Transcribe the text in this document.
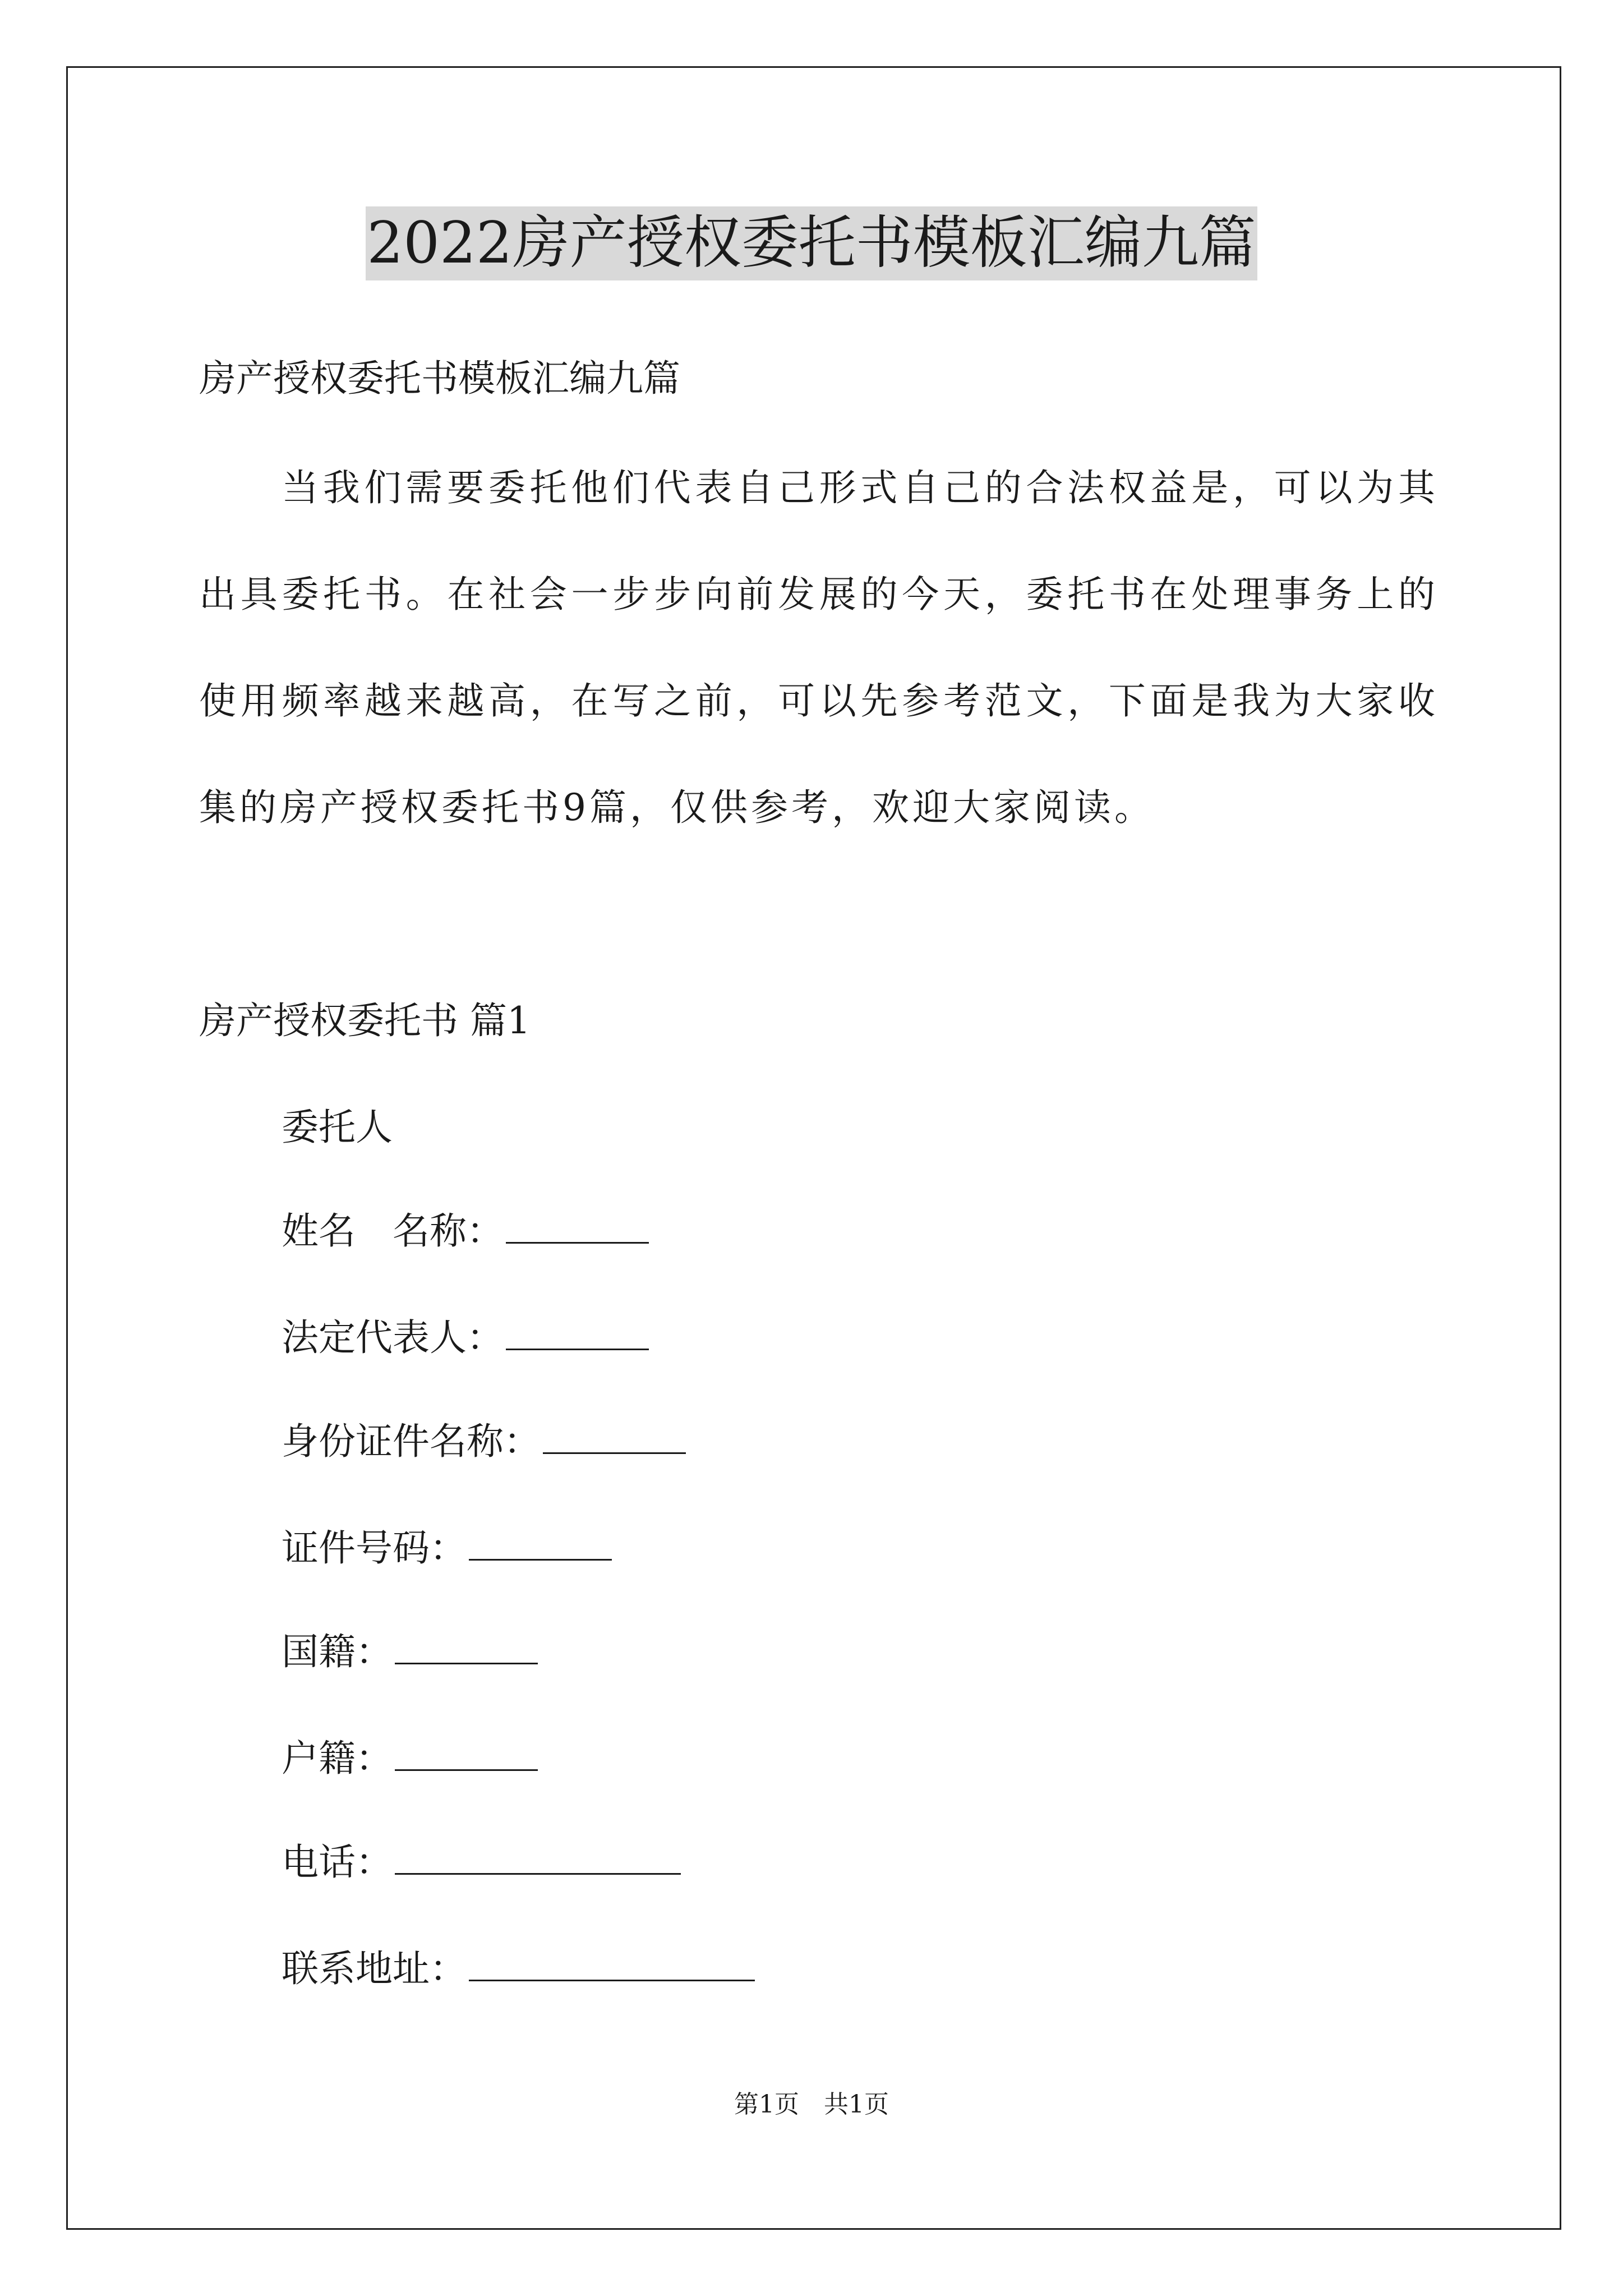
2022房产授权委托书模板汇编九篇
房产授权委托书模板汇编九篇
当我们需要委托他们代表自己形式自己的合法权益是，可以为其出具委托书。在社会一步步向前发展的今天，委托书在处理事务上的使用频率越来越高，在写之前，可以先参考范文，下面是我为大家收集的房产授权委托书9篇，仅供参考，欢迎大家阅读。
房产授权委托书 篇1
委托人
姓名　名称：
法定代表人：
身份证件名称：
证件号码：
国籍：
户籍：
电话：
联系地址：
第1页　共1页
